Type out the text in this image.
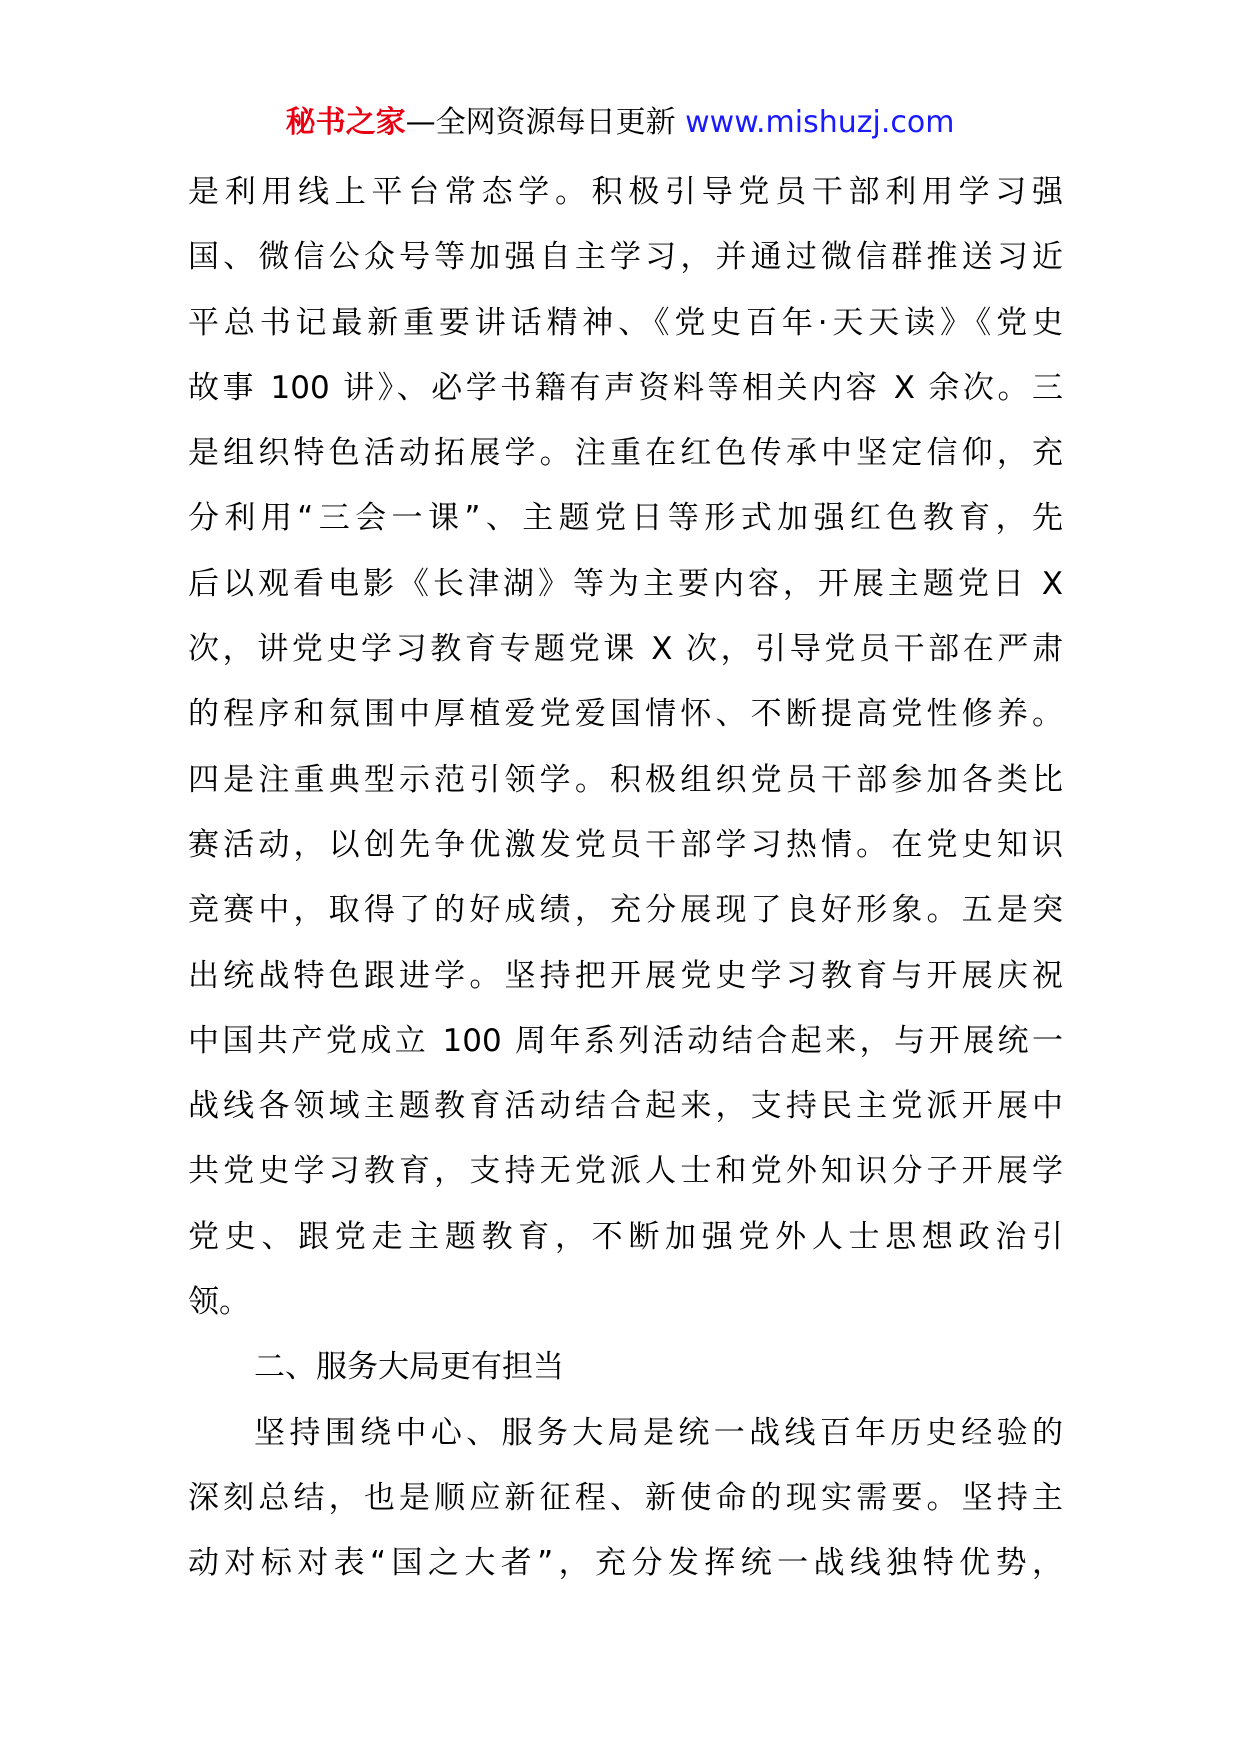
秘书之家—全网资源每日更新 www.mishuzj.com
是利用线上平台常态学。积极引导党员干部利用学习强
国、微信公众号等加强自主学习，并通过微信群推送习近
平总书记最新重要讲话精神、《党史百年·天天读》《党史
故事 100 讲》、必学书籍有声资料等相关内容 X 余次。三
是组织特色活动拓展学。注重在红色传承中坚定信仰，充
分利用“三会一课”、主题党日等形式加强红色教育，先
后以观看电影《长津湖》等为主要内容，开展主题党日 X
次，讲党史学习教育专题党课 X 次，引导党员干部在严肃
的程序和氛围中厚植爱党爱国情怀、不断提高党性修养。
四是注重典型示范引领学。积极组织党员干部参加各类比
赛活动，以创先争优激发党员干部学习热情。在党史知识
竞赛中，取得了的好成绩，充分展现了良好形象。五是突
出统战特色跟进学。坚持把开展党史学习教育与开展庆祝
中国共产党成立 100 周年系列活动结合起来，与开展统一
战线各领域主题教育活动结合起来，支持民主党派开展中
共党史学习教育，支持无党派人士和党外知识分子开展学
党史、跟党走主题教育，不断加强党外人士思想政治引
领。
二、服务大局更有担当
坚持围绕中心、服务大局是统一战线百年历史经验的
深刻总结，也是顺应新征程、新使命的现实需要。坚持主
动对标对表“国之大者”，充分发挥统一战线独特优势，
